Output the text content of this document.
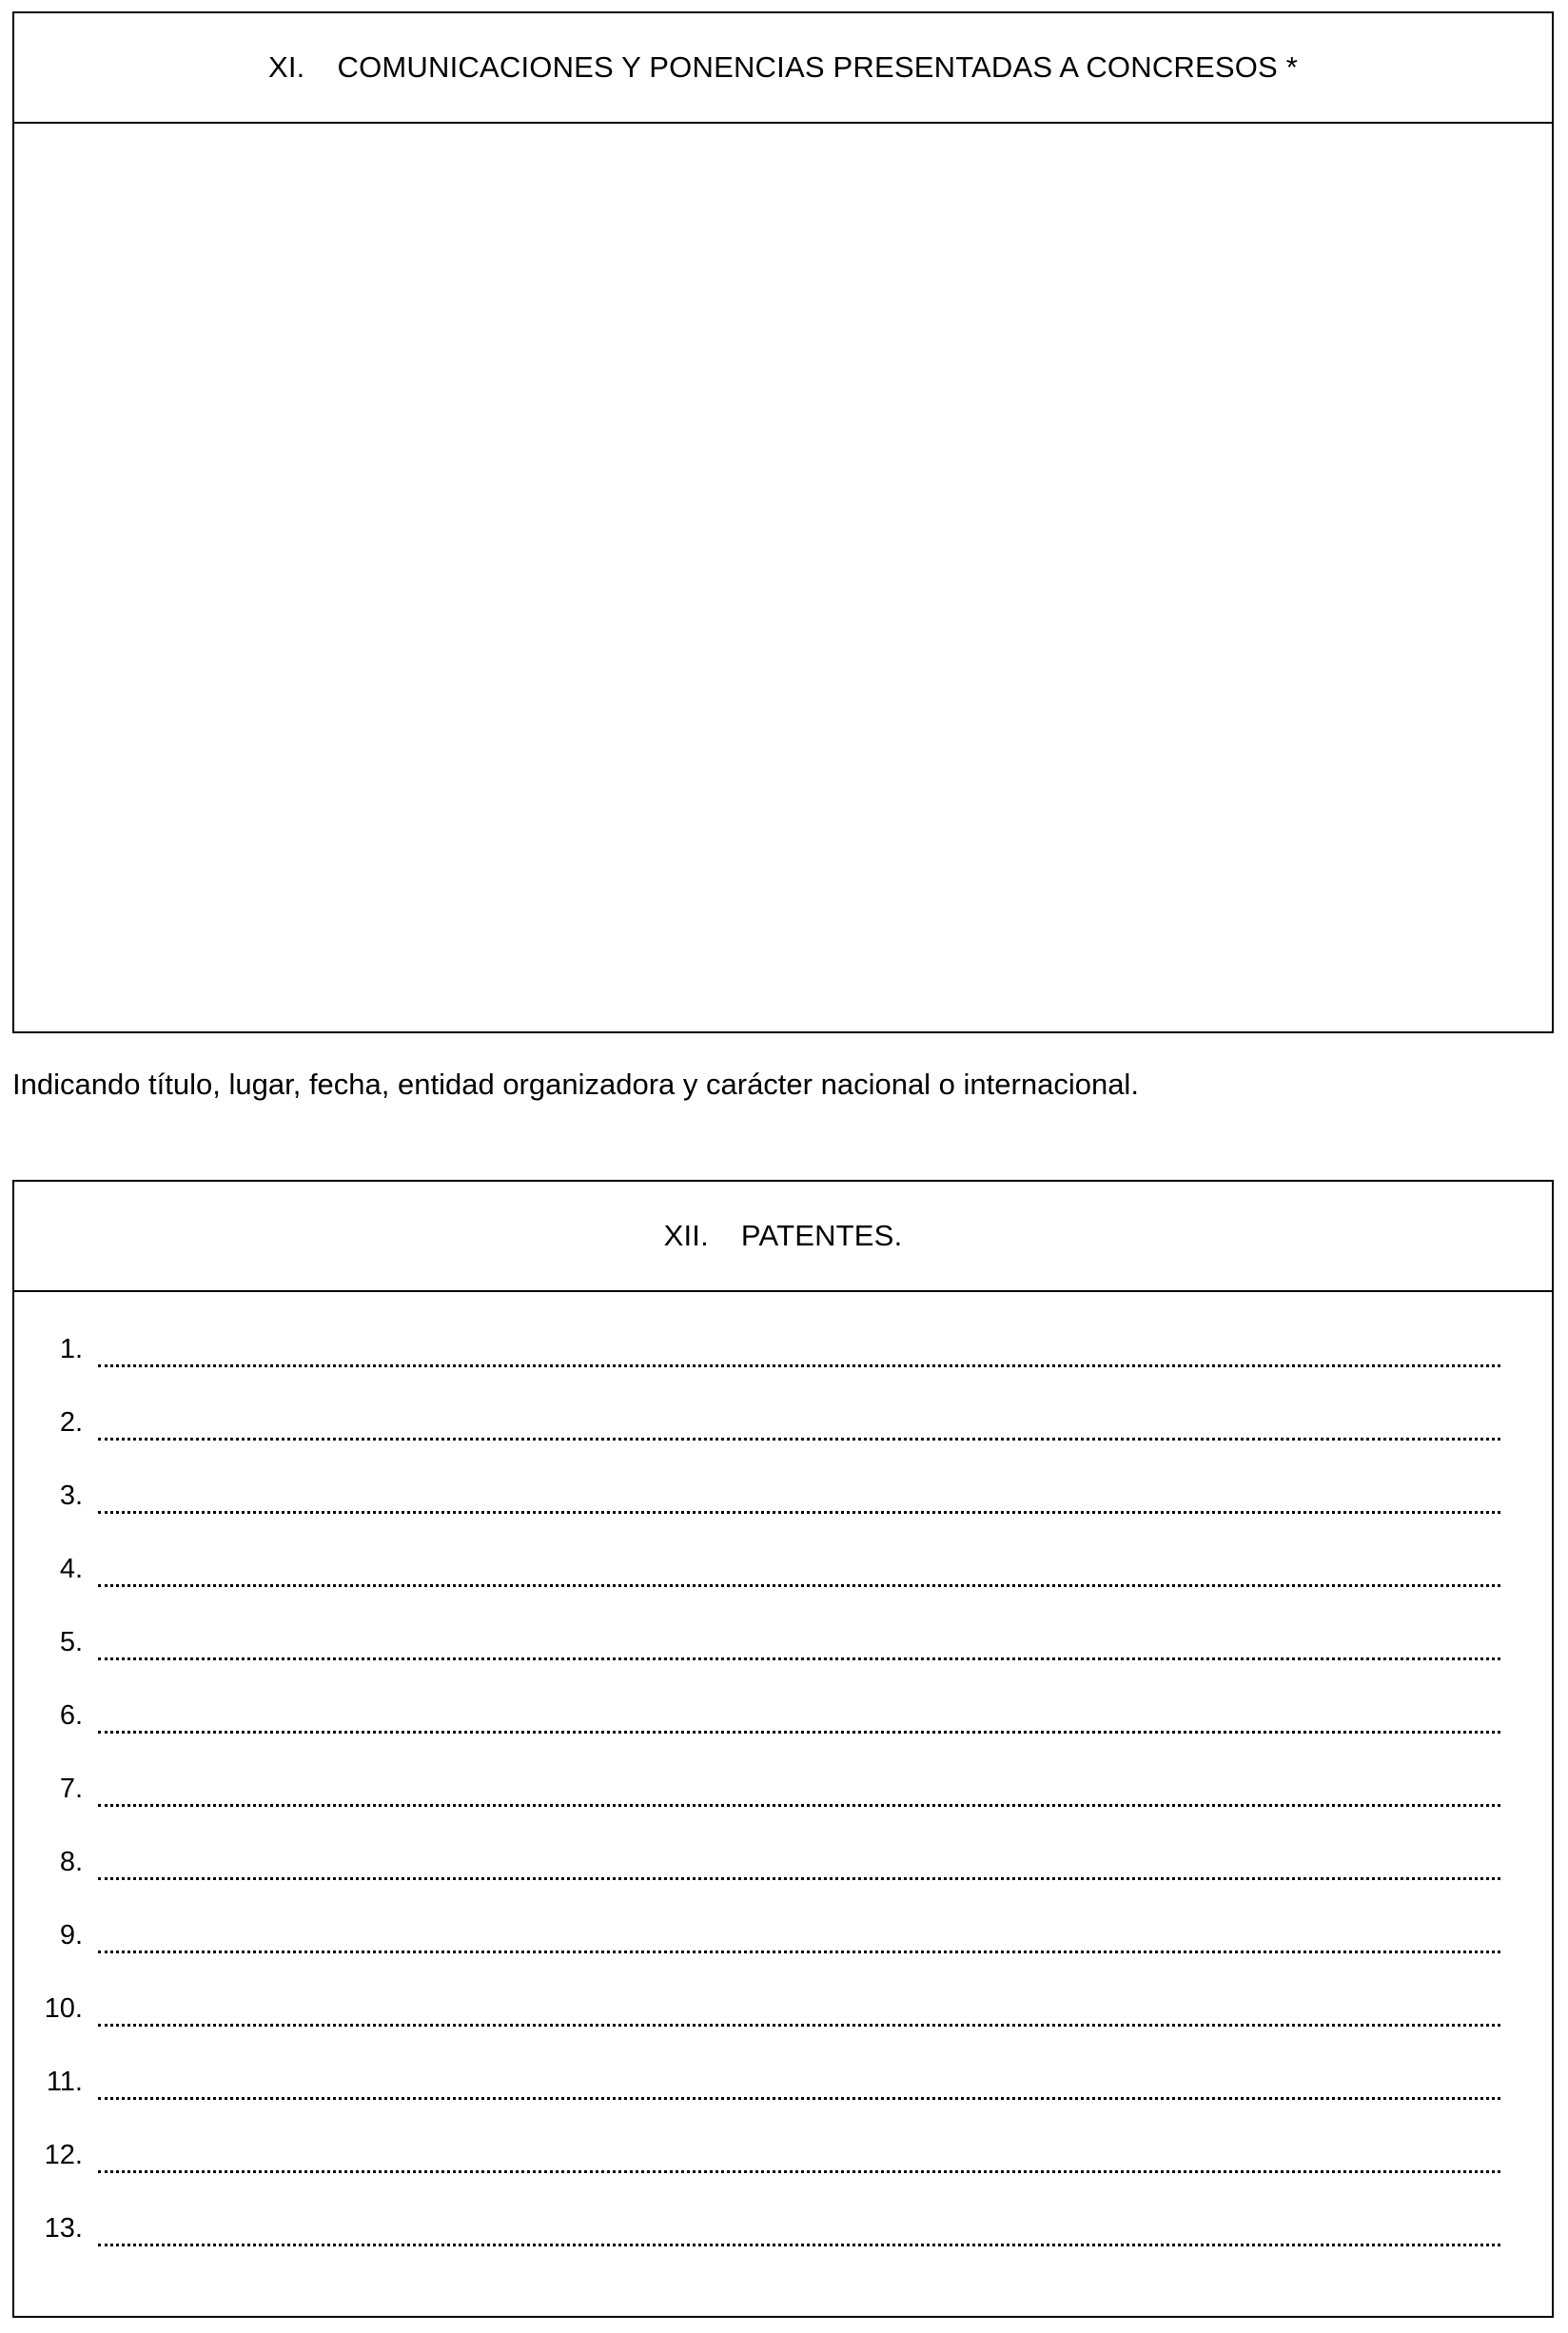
XI. COMUNICACIONES Y PONENCIAS PRESENTADAS A CONCRESOS *
Indicando título, lugar, fecha, entidad organizadora y carácter nacional o internacional.
XII. PATENTES.
1.
2.
3.
4.
5.
6.
7.
8.
9.
10.
11.
12.
13.
